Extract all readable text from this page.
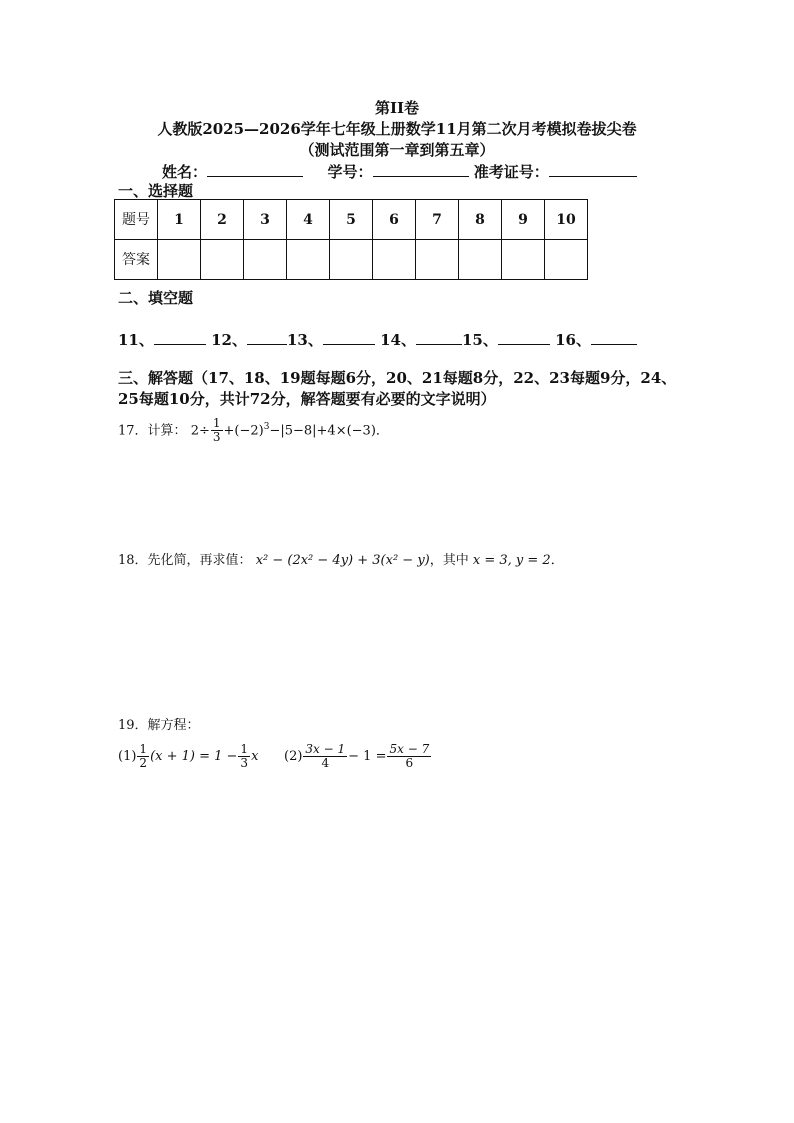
第II卷
人教版2025—2026学年七年级上册数学11月第二次月考模拟卷拔尖卷
（测试范围第一章到第五章）
姓名：	学号：	准考证号：
一、选择题
题号	1	2	3	4	5	6	7	8	9	10
答案										
二、填空题
11、	12、	13、	14、	15、	16、
三、解答题（17、18、19题每题6分，20、21每题8分，22、23每题9分，24、
25每题10分，共计72分，解答题要有必要的文字说明）
17．计算： $2\div \frac{1}{3} +(-2)^3-|5-8|+4\times(-3)$．
18．先化简，再求值： x² − (2x² − 4y) + 3(x² − y)，其中 x = 3, y = 2．
19．解方程：
$(1) \frac{1}{2} (x + 1) = 1 - \frac{1}{3}$ x $(2) \frac{3x - 1}{4} - 1 = \frac{5x - 7}{6}$
